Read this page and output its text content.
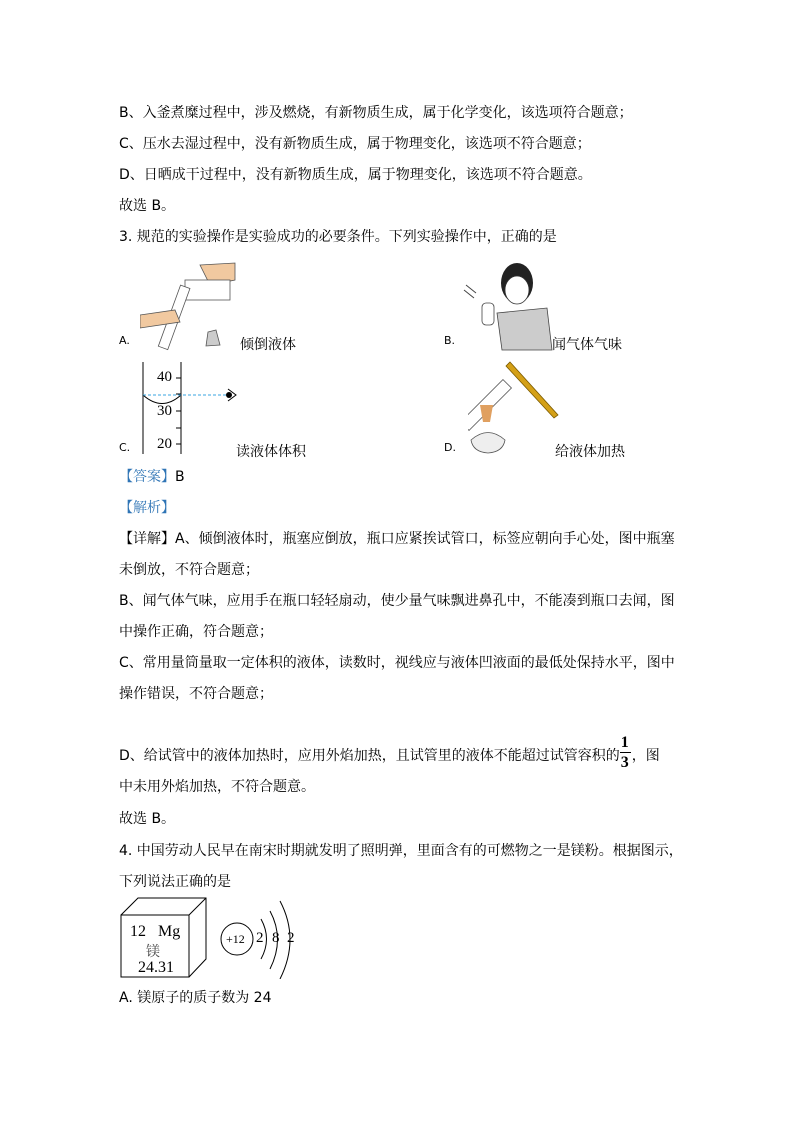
B、入釜煮糜过程中，涉及燃烧，有新物质生成，属于化学变化，该选项符合题意；
C、压水去湿过程中，没有新物质生成，属于物理变化，该选项不符合题意；
D、日晒成干过程中，没有新物质生成，属于物理变化，该选项不符合题意。
故选 B。
3. 规范的实验操作是实验成功的必要条件。下列实验操作中，正确的是
A.	倾倒液体	B.	闻气体气味
C.
40
30
20	读液体体积	D.	给液体加热
【答案】B
【解析】
【详解】A、倾倒液体时，瓶塞应倒放，瓶口应紧挨试管口，标签应朝向手心处，图中瓶塞
未倒放，不符合题意；
B、闻气体气味，应用手在瓶口轻轻扇动，使少量气味飘进鼻孔中，不能凑到瓶口去闻，图
中操作正确，符合题意；
C、常用量筒量取一定体积的液体，读数时，视线应与液体凹液面的最低处保持水平，图中
操作错误，不符合题意；
D、给试管中的液体加热时，应用外焰加热，且试管里的液体不能超过试管容积的
$\frac{1}{3}$
，图
中未用外焰加热，不符合题意。
故选 B。
4. 中国劳动人民早在南宋时期就发明了照明弹，里面含有的可燃物之一是镁粉。根据图示，
下列说法正确的是
12 Mg
镁
24.31
+12 2 8 2
A. 镁原子的质子数为 24
